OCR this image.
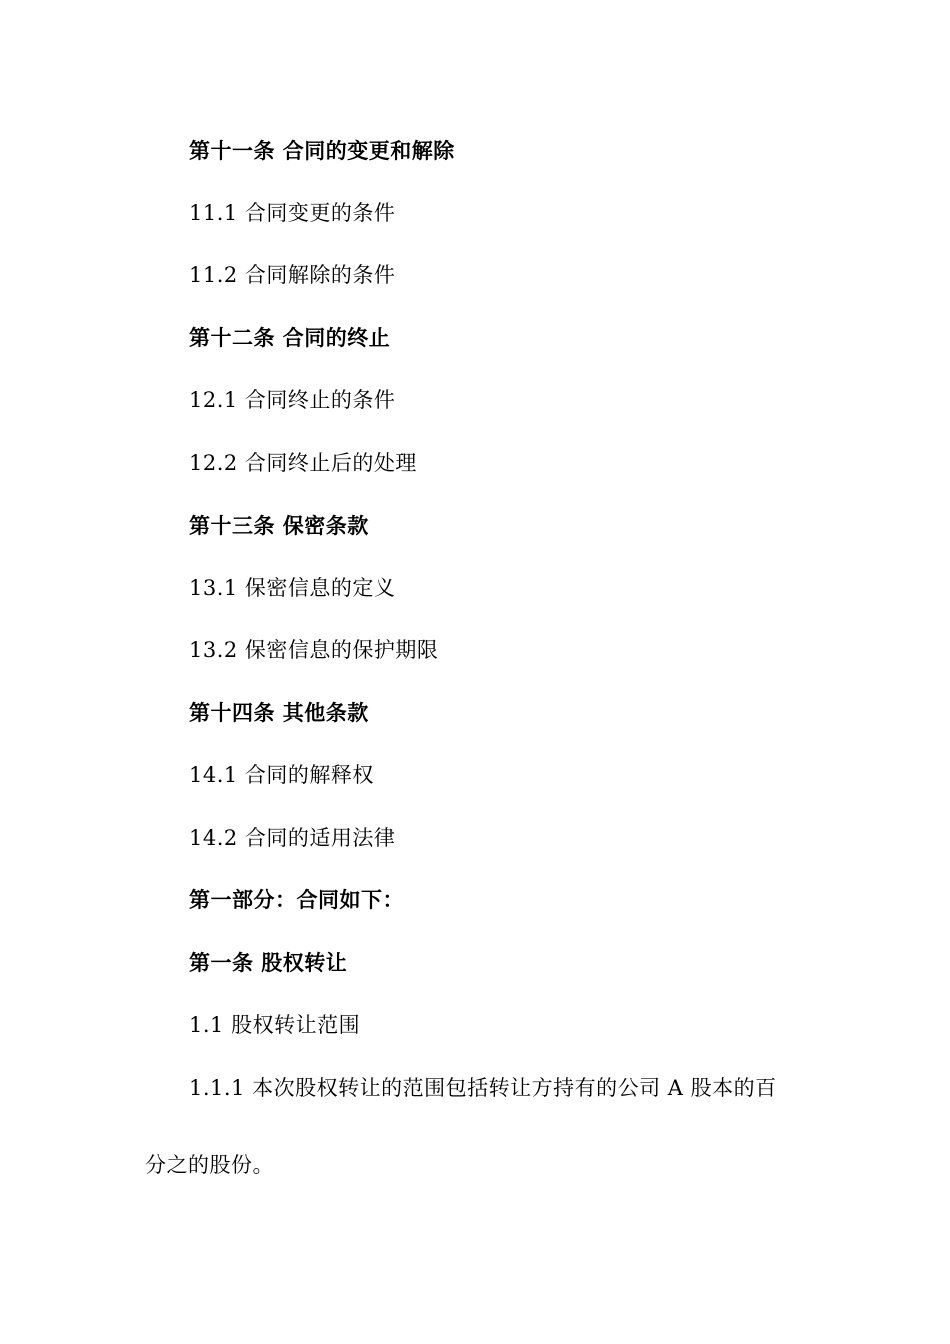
第十一条 合同的变更和解除
11.1 合同变更的条件
11.2 合同解除的条件
第十二条 合同的终止
12.1 合同终止的条件
12.2 合同终止后的处理
第十三条 保密条款
13.1 保密信息的定义
13.2 保密信息的保护期限
第十四条 其他条款
14.1 合同的解释权
14.2 合同的适用法律
第一部分：合同如下：
第一条 股权转让
1.1 股权转让范围
1.1.1 本次股权转让的范围包括转让方持有的公司 A 股本的百
分之的股份。
